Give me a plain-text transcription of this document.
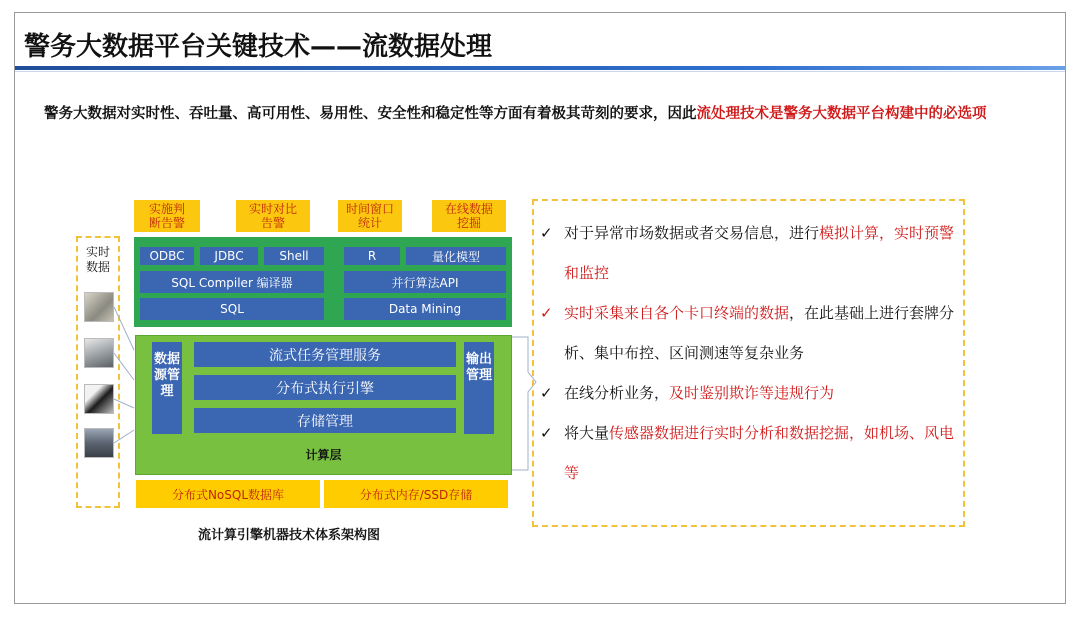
警务大数据平台关键技术——流数据处理
警务大数据对实时性、吞吐量、高可用性、易用性、安全性和稳定性等方面有着极其苛刻的要求，因此流处理技术是警务大数据平台构建中的必选项
实时
数据
实施判
断告警
实时对比
告警
时间窗口
统计
在线数据
挖掘
ODBC	JDBC	Shell	R	量化模型
SQL Compiler 编译器	并行算法API
SQL	Data Mining
数据源管理
输出管理
流式任务管理服务
分布式执行引擎
存储管理
计算层
分布式NoSQL数据库	分布式内存/SSD存储
流计算引擎机器技术体系架构图
✓ 对于异常市场数据或者交易信息，进行模拟计算，实时预警和监控
✓ 实时采集来自各个卡口终端的数据，在此基础上进行套牌分析、集中布控、区间测速等复杂业务
✓ 在线分析业务，及时鉴别欺诈等违规行为
✓ 将大量传感器数据进行实时分析和数据挖掘，如机场、风电等
